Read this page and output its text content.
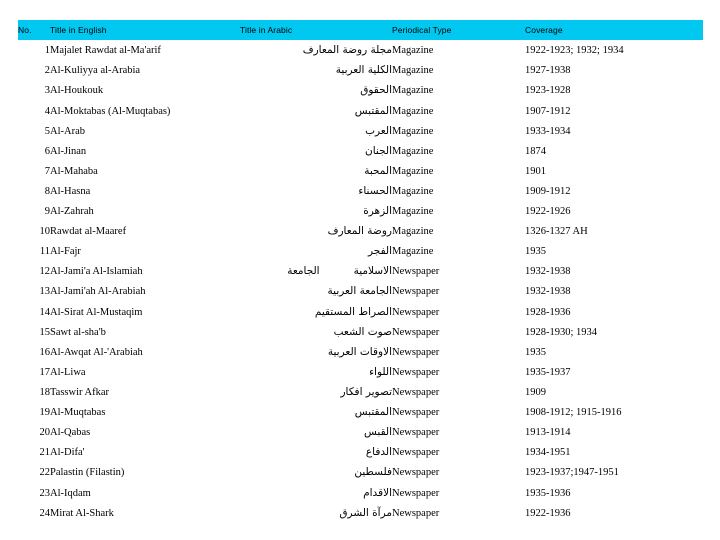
No.	Title in English	Title in Arabic	Periodical Type	Coverage
1	Majalet Rawdat al-Ma'arif	مجلة روضة المعارف	Magazine	1922-1923; 1932; 1934
2	Al-Kuliyya al-Arabia	الكلية العربية	Magazine	1927-1938
3	Al-Houkouk	الحقوق	Magazine	1923-1928
4	Al-Moktabas (Al-Muqtabas)	المقتبس	Magazine	1907-1912
5	Al-Arab	العرب	Magazine	1933-1934
6	Al-Jinan	الجنان	Magazine	1874
7	Al-Mahaba	المحبة	Magazine	1901
8	Al-Hasna	الحسناء	Magazine	1909-1912
9	Al-Zahrah	الزهرة	Magazine	1922-1926
10	Rawdat al-Maaref	روضة المعارف	Magazine	1326-1327 AH
11	Al-Fajr	الفجر	Magazine	1935
12	Al-Jami'a Al-Islamiah	الجامعة الاسلامية	Newspaper	1932-1938
13	Al-Jami'ah Al-Arabiah	الجامعة العربية	Newspaper	1932-1938
14	Al-Sirat Al-Mustaqim	الصراط المستقيم	Newspaper	1928-1936
15	Sawt al-sha'b	صوت الشعب	Newspaper	1928-1930; 1934
16	Al-Awqat Al-'Arabiah	الاوقات العربية	Newspaper	1935
17	Al-Liwa	اللواء	Newspaper	1935-1937
18	Tasswir Afkar	تصوير افكار	Newspaper	1909
19	Al-Muqtabas	المقتبس	Newspaper	1908-1912; 1915-1916
20	Al-Qabas	القبس	Newspaper	1913-1914
21	Al-Difa'	الدفاع	Newspaper	1934-1951
22	Palastin (Filastin)	فلسطين	Newspaper	1923-1937;1947-1951
23	Al-Iqdam	الاقدام	Newspaper	1935-1936
24	Mirat Al-Shark	مرآة الشرق	Newspaper	1922-1936
